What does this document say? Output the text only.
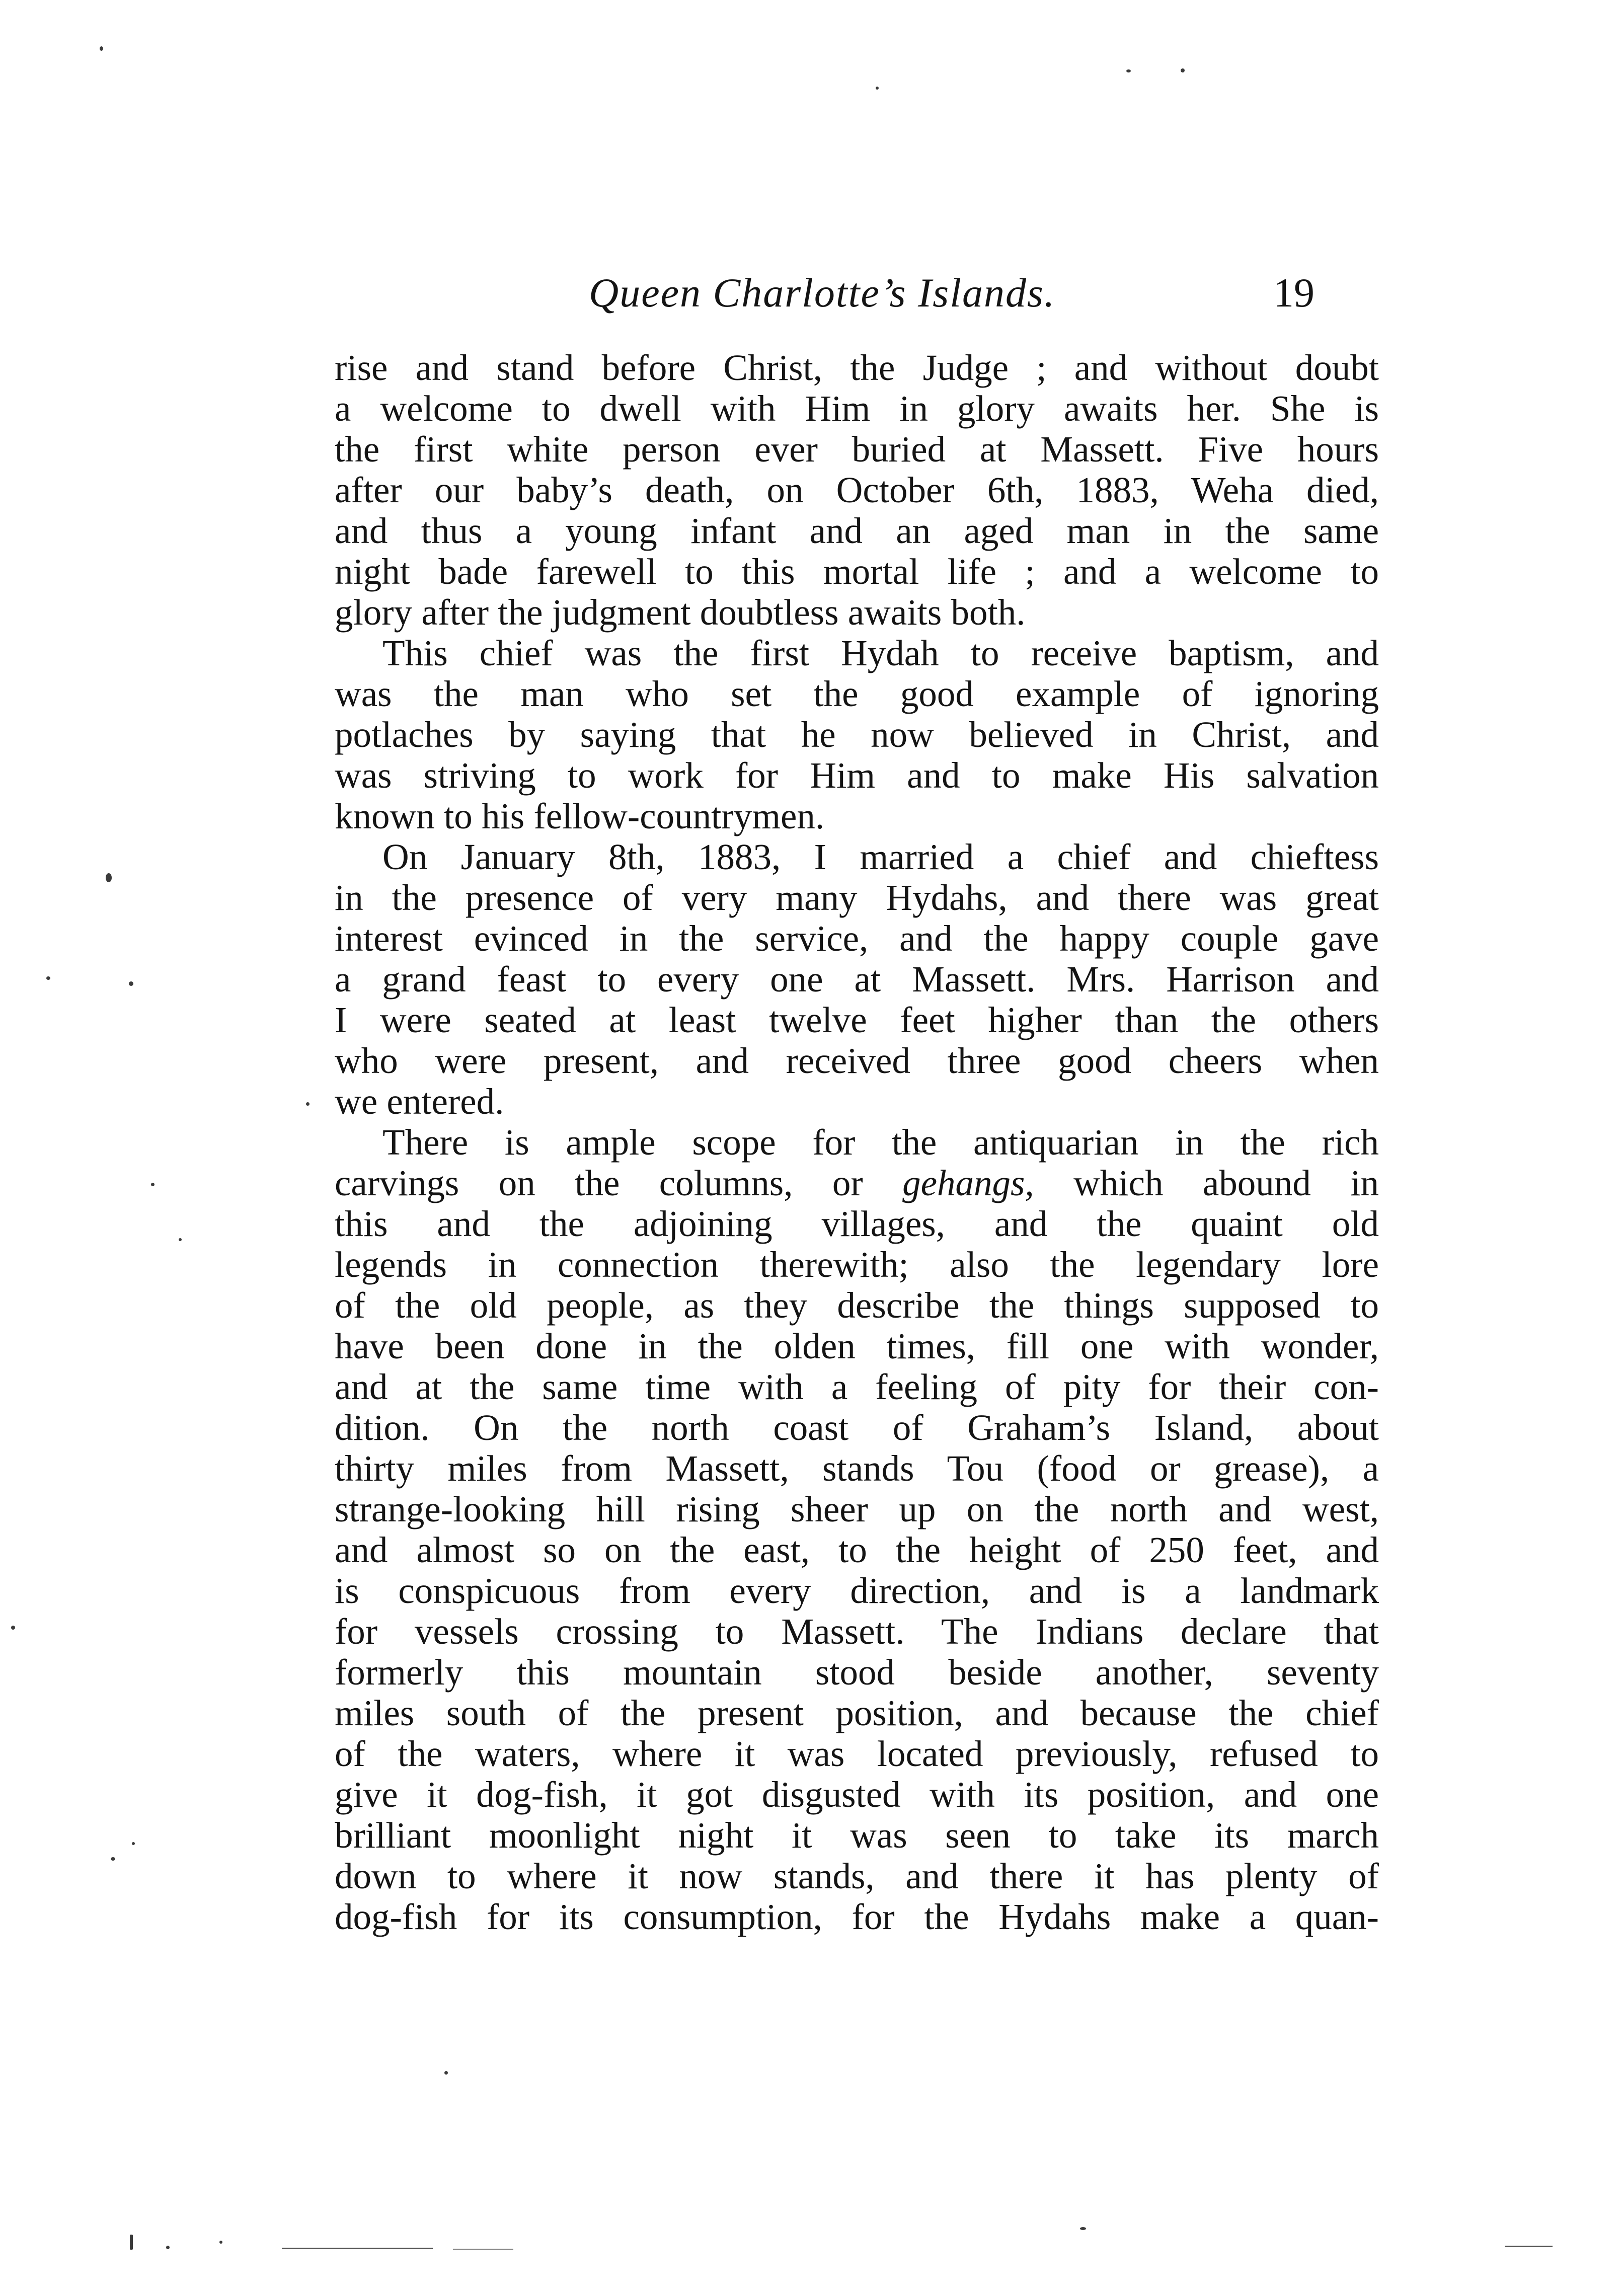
Queen Charlotte’s Islands.	19
rise and stand before Christ, the Judge ; and without doubt
a welcome to dwell with Him in glory awaits her. She is
the first white person ever buried at Massett. Five hours
after our baby’s death, on October 6th, 1883, Weha died,
and thus a young infant and an aged man in the same
night bade farewell to this mortal life ; and a welcome to
glory after the judgment doubtless awaits both.
This chief was the first Hydah to receive baptism, and
was the man who set the good example of ignoring
potlaches by saying that he now believed in Christ, and
was striving to work for Him and to make His salvation
known to his fellow-countrymen.
On January 8th, 1883, I married a chief and chieftess
in the presence of very many Hydahs, and there was great
interest evinced in the service, and the happy couple gave
a grand feast to every one at Massett. Mrs. Harrison and
I were seated at least twelve feet higher than the others
who were present, and received three good cheers when
we entered.
There is ample scope for the antiquarian in the rich
carvings on the columns, or gehangs, which abound in
this and the adjoining villages, and the quaint old
legends in connection therewith; also the legendary lore
of the old people, as they describe the things supposed to
have been done in the olden times, fill one with wonder,
and at the same time with a feeling of pity for their con-
dition. On the north coast of Graham’s Island, about
thirty miles from Massett, stands Tou (food or grease), a
strange-looking hill rising sheer up on the north and west,
and almost so on the east, to the height of 250 feet, and
is conspicuous from every direction, and is a landmark
for vessels crossing to Massett. The Indians declare that
formerly this mountain stood beside another, seventy
miles south of the present position, and because the chief
of the waters, where it was located previously, refused to
give it dog-fish, it got disgusted with its position, and one
brilliant moonlight night it was seen to take its march
down to where it now stands, and there it has plenty of
dog-fish for its consumption, for the Hydahs make a quan-
